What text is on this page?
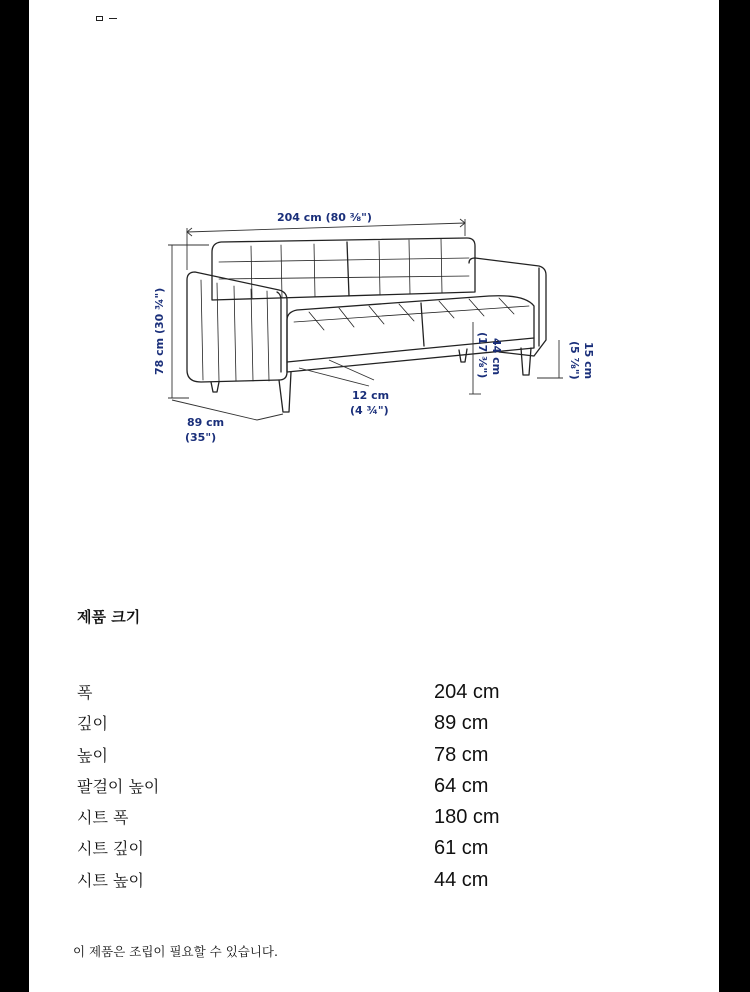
204 cm (80 ⅜")
78 cm (30 ¾")
89 cm
(35")
12 cm
(4 ¾")
44 cm
(17 ⅜")	15 cm
(5 ⅞")
제품 크기
폭	204 cm
깊이	89 cm
높이	78 cm
팔걸이 높이	64 cm
시트 폭	180 cm
시트 깊이	61 cm
시트 높이	44 cm

이 제품은 조립이 필요할 수 있습니다.
